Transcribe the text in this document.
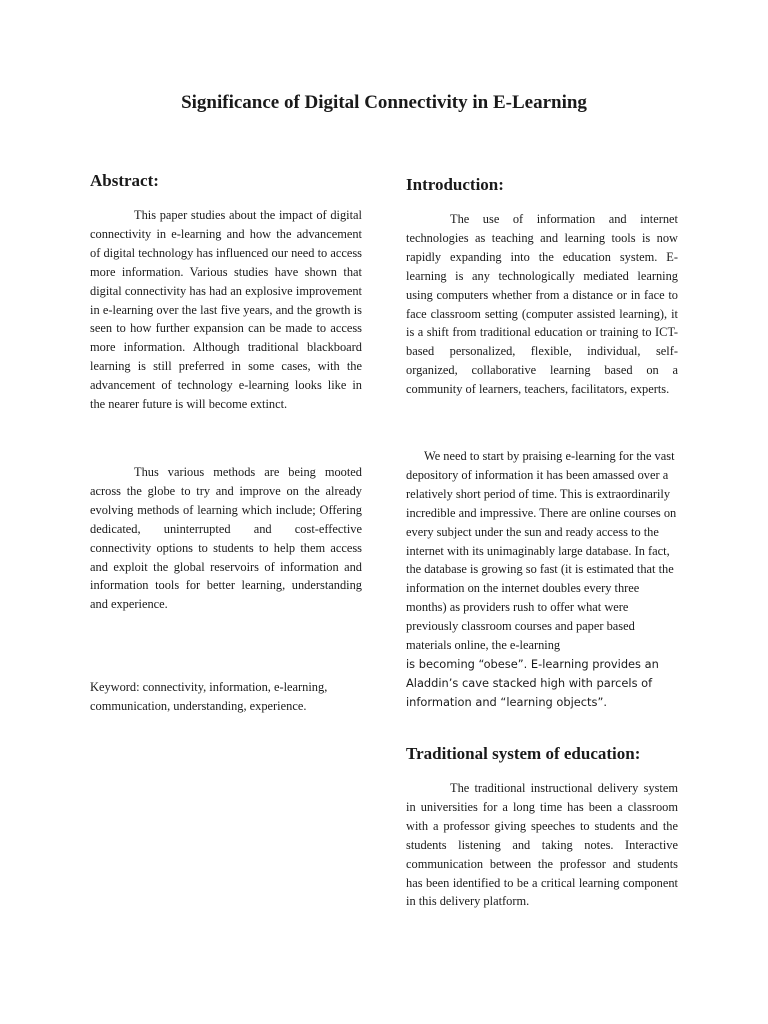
Significance of Digital Connectivity in E-Learning
Abstract:

This paper studies about the impact of digital connectivity in e-learning and how the advancement of digital technology has influenced our need to access more information. Various studies have shown that digital connectivity has had an explosive improvement in e-learning over the last five years, and the growth is seen to how further expansion can be made to access more information. Although traditional blackboard learning is still preferred in some cases, with the advancement of technology e-learning looks like in the nearer future is will become extinct.

Thus various methods are being mooted across the globe to try and improve on the already evolving methods of learning which include; Offering dedicated, uninterrupted and cost-effective connectivity options to students to help them access and exploit the global reservoirs of information and information tools for better learning, understanding and experience.

Keyword: connectivity, information, e-learning, communication, understanding, experience.

Introduction:

The use of information and internet technologies as teaching and learning tools is now rapidly expanding into the education system. E-learning is any technologically mediated learning using computers whether from a distance or in face to face classroom setting (computer assisted learning), it is a shift from traditional education or training to ICT-based personalized, flexible, individual, self-organized, collaborative learning based on a community of learners, teachers, facilitators, experts.

We need to start by praising e-learning for the vast depository of information it has been amassed over a relatively short period of time. This is extraordinarily incredible and impressive. There are online courses on every subject under the sun and ready access to the internet with its unimaginably large database. In fact, the database is growing so fast (it is estimated that the information on the internet doubles every three months) as providers rush to offer what were previously classroom courses and paper based materials online, the e-learning

is becoming “obese”. E-learning provides an Aladdin’s cave stacked high with parcels of information and “learning objects”.

Traditional system of education:

The traditional instructional delivery system in universities for a long time has been a classroom with a professor giving speeches to students and the students listening and taking notes. Interactive communication between the professor and students has been identified to be a critical learning component in this delivery platform.
